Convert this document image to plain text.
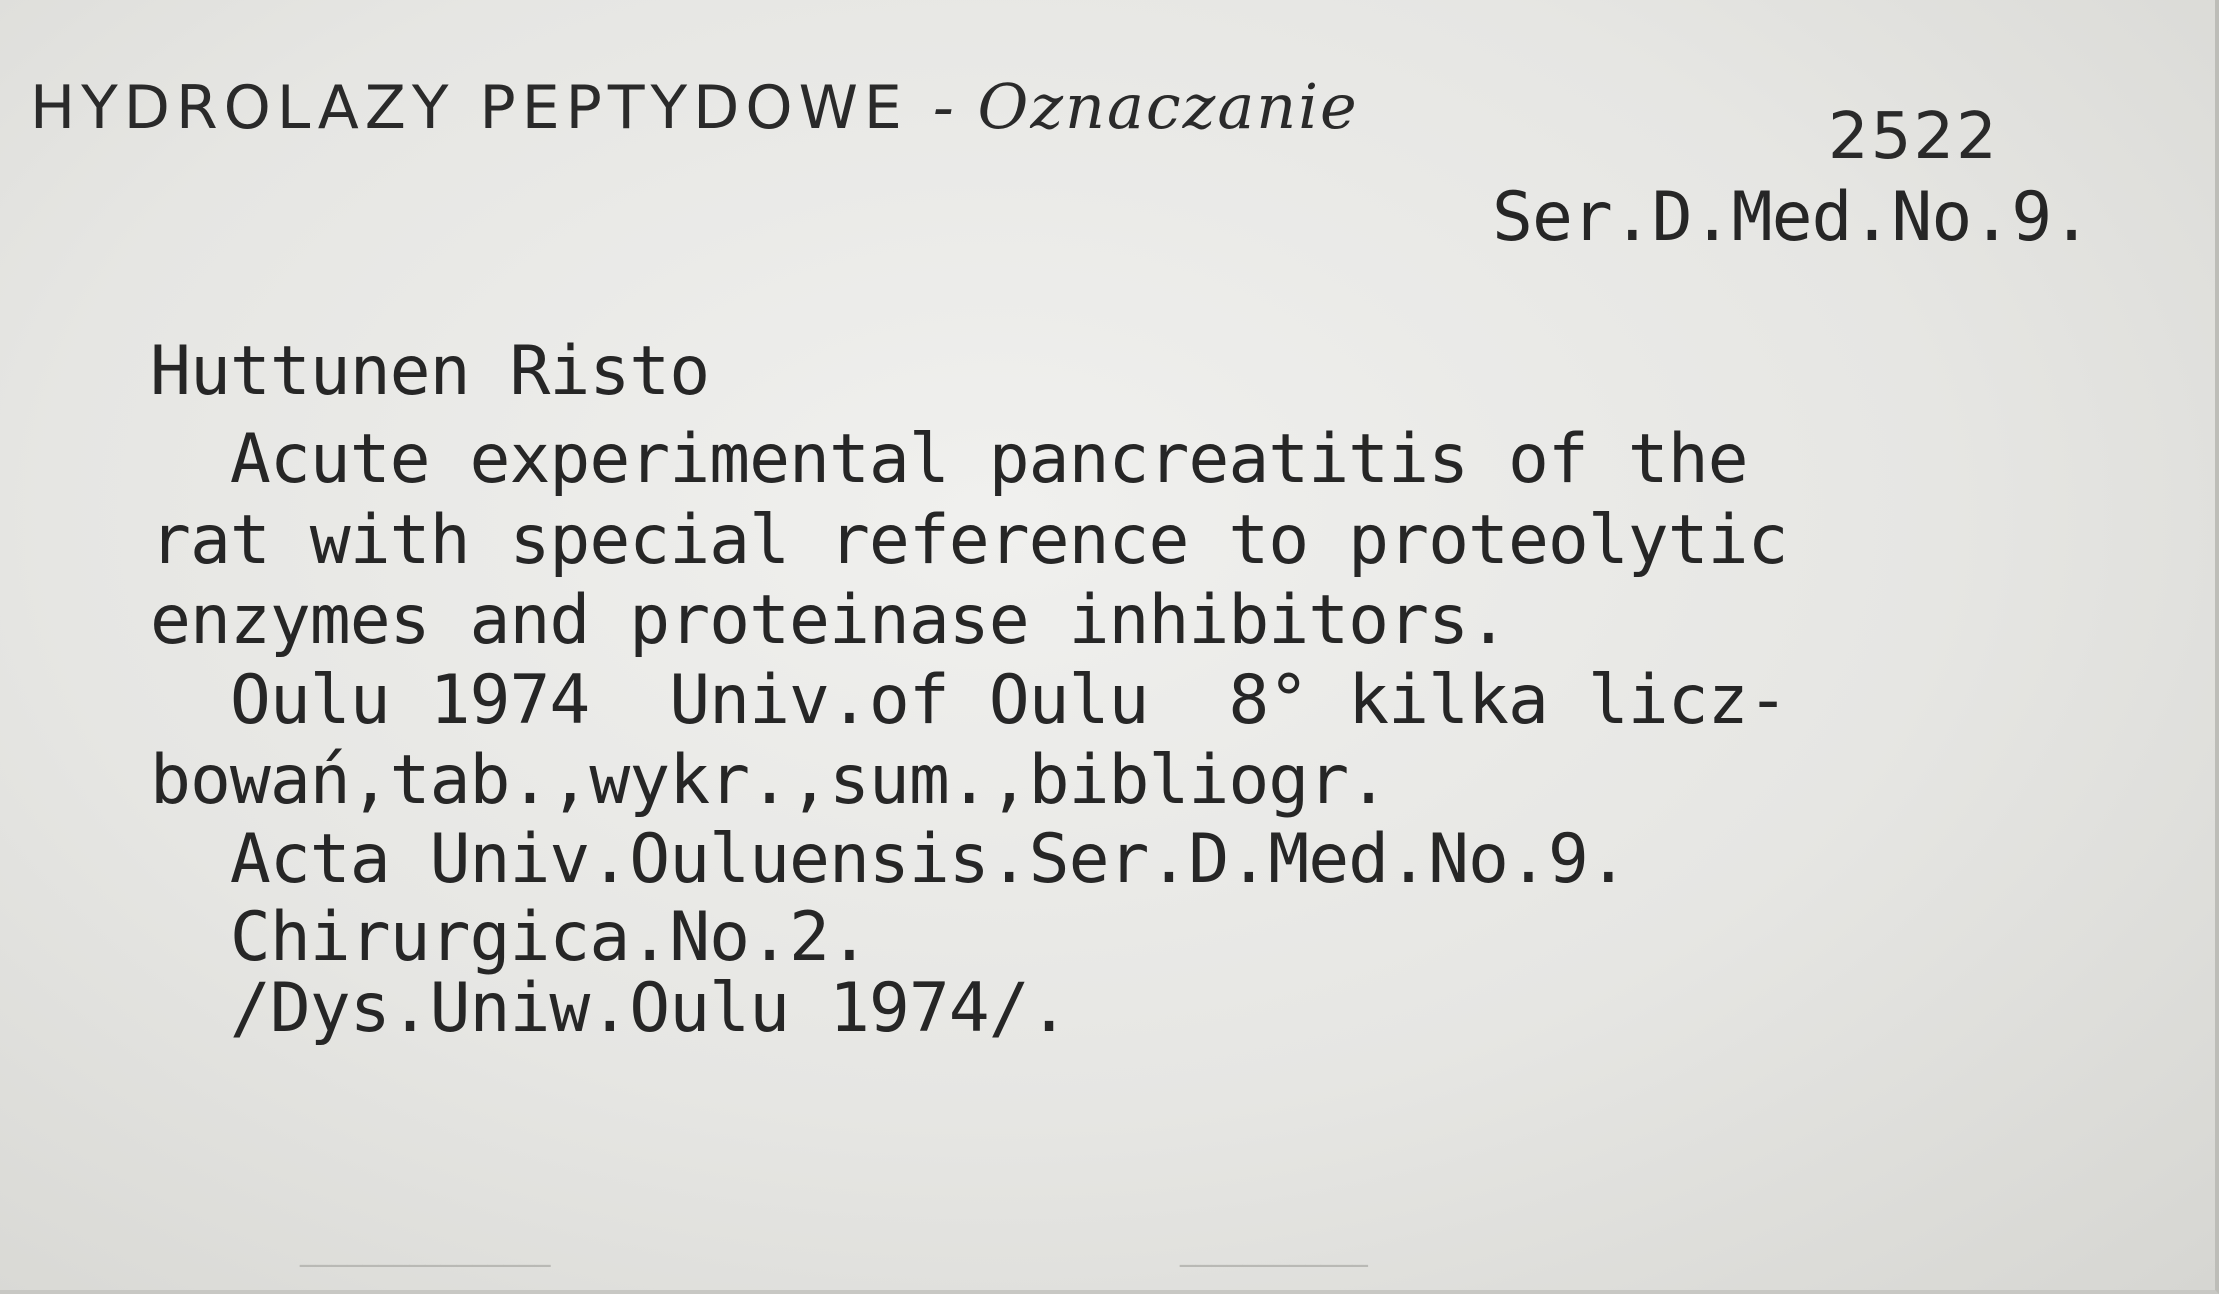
HYDROLAZY PEPTYDOWE - Oznaczanie	2522
Ser.D.Med.No.9.
Huttunen Risto
Acute experimental pancreatitis of the
rat with special reference to proteolytic
enzymes and proteinase inhibitors.
Oulu 1974  Univ.of Oulu  8° kilka licz-
bowań,tab.,wykr.,sum.,bibliogr.
Acta Univ.Ouluensis.Ser.D.Med.No.9.
Chirurgica.No.2.
/Dys.Uniw.Oulu 1974/.
────────────
────────────────
